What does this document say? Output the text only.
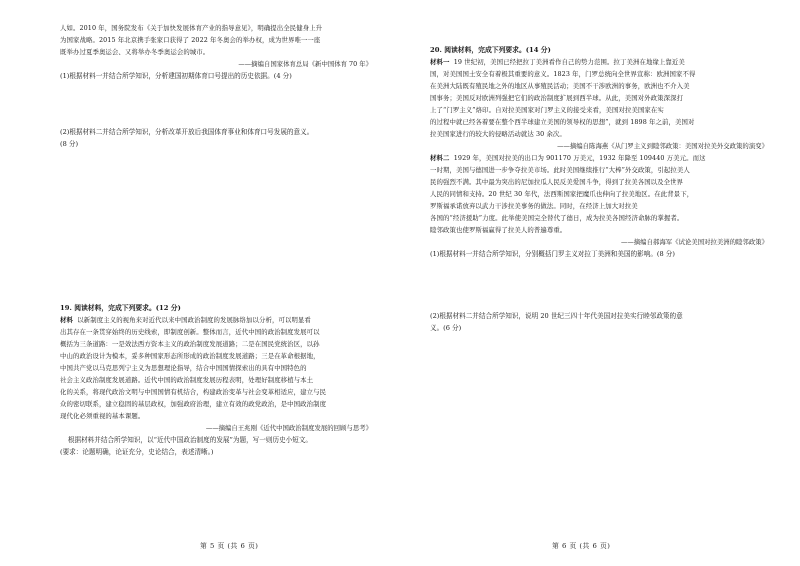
人如。2010 年，国务院发布《关于加快发展体育产业的指导意见》，明确提出全民健身上升

为国家战略。2015 年北京携手张家口获得了 2022 年冬奥会的举办权，成为世界唯一一座

既举办过夏季奥运会、又将举办冬季奥运会的城市。

——摘编自国家体育总局《新中国体育 70 年》

(1)根据材料一并结合所学知识，分析建国初期体育口号提出的历史依据。(4 分)

(2)根据材料二并结合所学知识，分析改革开放后我国体育事业和体育口号发展的意义。

(8 分)

19. 阅读材料，完成下列要求。(12 分)

材料 以新制度主义的视角来对近代以来中国政治制度的发展脉络加以分析，可以明显看

出其存在一条贯穿始终的历史线索，即制度创新。整体而言，近代中国的政治制度发展可以

概括为三条道路：一是效法西方资本主义的政治制度发展道路；二是在国民党统治区，以孙

中山的政治设计为模本，妥多种国家形态所形成的政治制度发展道路；三是在革命根据地，

中国共产党以马克思列宁主义为思想理论指导，结合中国国情探索出的具有中国特色的

社会主义政治制度发展道路。近代中国的政治制度发展历程表明，处理好制度移植与本土

化的关系，将现代政治文明与中国国情有机结合，构建政治变革与社会变革相适应，建立与民

众的密切联系，建立稳固的基层政权，加强政府治理，建立有效的政党政治，是中国政治制度

现代化必须重视的基本课题。

——摘编自王兆刚《近代中国政治制度发展的回顾与思考》

根据材料并结合所学知识，以“近代中国政治制度的发展”为题，写一则历史小短文。

(要求：论题明确，论证充分，史论结合，表述清晰。)

20. 阅读材料，完成下列要求。(14 分)

材料一 19 世纪初，美国已经把拉丁美洲看作自己的势力范围。拉丁美洲在地缘上靠近美

国，对美国国土安全有着极其重要的意义。1823 年，门罗总统向全世界宣称：欧洲国家不得

在美洲大陆既有殖民地之外的地区从事殖民活动；美国不干涉欧洲的事务，欧洲也不介入美

国事务；美国反对欧洲列强把它们的政治制度扩展到西半球。从此，美国对外政策深深打

上了“门罗主义”烙印。自对拉美国家对门罗主义的接受来看，美国对拉美国家在实

的过程中就已经各着要在整个西半球建立美国的领导权的思想”，就到 1898 年之前，美国对

拉美国家进行的较大的侵略活动就达 30 余次。

——摘编自陈海燕《从门罗主义到睦邻政策：美国对拉美外交政策的演变》

材料二 1929 年，美国对拉美的出口为 901170 万美元，1932 年降至 109440 万美元。而这

一时期，美国与德国进一步争夺拉美市场。此时美国继续推行“大棒”外交政策，引起拉美人

民的强烈不满。其中最为突出的尼加拉瓜人民反美爱国斗争，得到了拉美各国以及全世界

人民的同情和支持。20 世纪 30 年代，法西斯国家把魔爪也伸向了拉美地区。在此背景下，

罗斯福承诺放弃以武力干涉拉美事务的做法。同时，在经济上加大对拉美

各国的“经济援助”力度。此举使美国完全替代了德日，成为拉美各国经济命脉的掌握者。

睦邻政策也使罗斯福赢得了拉美人的普遍尊重。

——摘编自郝海军《试论美国对拉美洲的睦邻政策》

(1)根据材料一并结合所学知识，分别概括门罗主义对拉丁美洲和美国的影响。(8 分)

(2)根据材料二并结合所学知识，说明 20 世纪三四十年代美国对拉美实行睦邻政策的意

义。(6 分)

第 5 页 (共 6 页)	第 6 页 (共 6 页)
